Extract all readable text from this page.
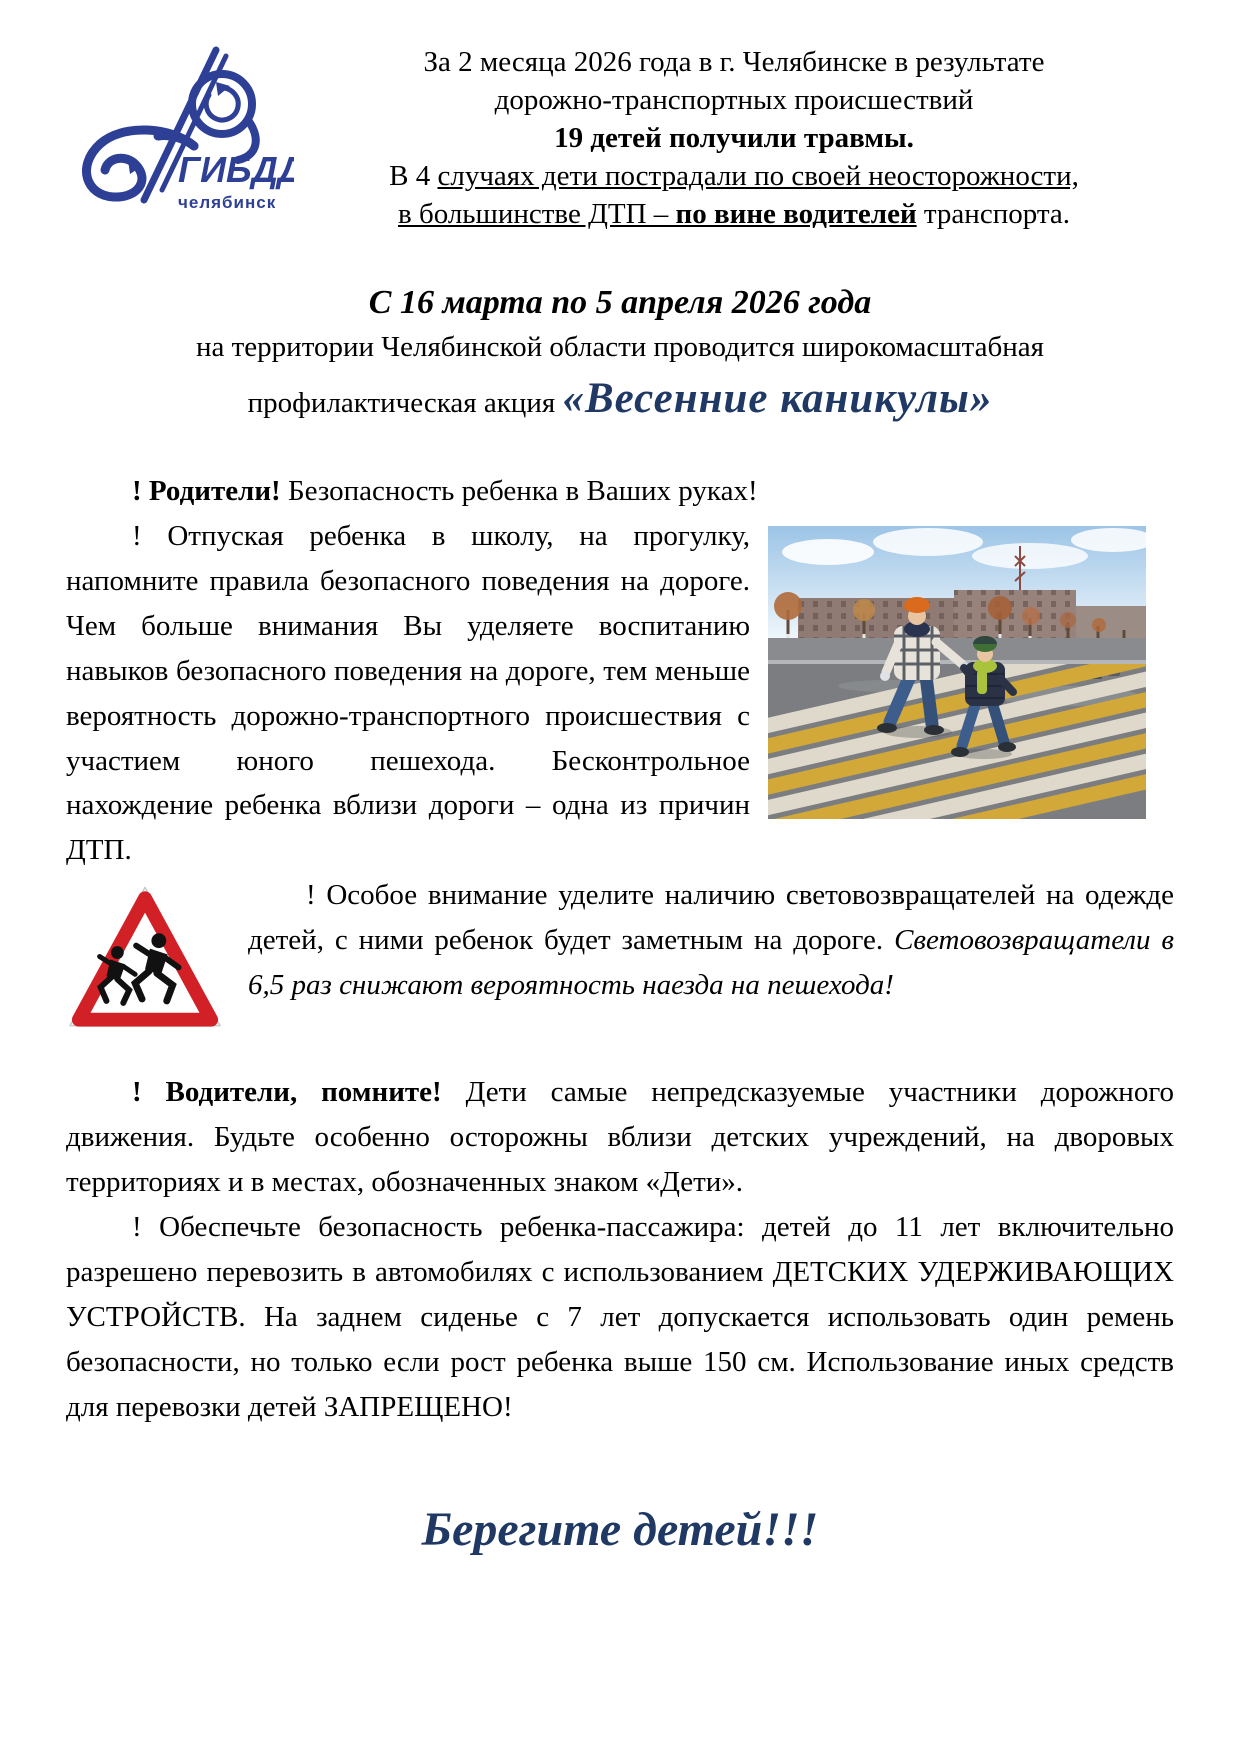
ГИБДД
челябинск
За 2 месяца 2026 года в г. Челябинске в результате
дорожно-транспортных происшествий
19 детей получили травмы.
В 4 случаях дети пострадали по своей неосторожности,
в большинстве ДТП – по вине водителей транспорта.
С 16 марта по 5 апреля 2026 года
на территории Челябинской области проводится широкомасштабная
профилактическая акция «Весенние каникулы»

! Родители! Безопасность ребенка в Ваших руках!

! Отпуская ребенка в школу, на прогулку, напомните правила безопасного поведения на дороге. Чем больше внимания Вы уделяете воспитанию навыков безопасного поведения на дороге, тем меньше вероятность дорожно-транспортного происшествия с участием юного пешехода. Бесконтрольное нахождение ребенка вблизи дороги – одна из причин ДТП.

! Особое внимание уделите наличию световозвращателей на одежде детей, с ними ребенок будет заметным на дороге. Световозвращатели в 6,5 раз снижают вероятность наезда на пешехода!

! Водители, помните! Дети самые непредсказуемые участники дорожного движения. Будьте особенно осторожны вблизи детских учреждений, на дворовых территориях и в местах, обозначенных знаком «Дети».

! Обеспечьте безопасность ребенка-пассажира: детей до 11 лет включительно разрешено перевозить в автомобилях с использованием ДЕТСКИХ УДЕРЖИВАЮЩИХ УСТРОЙСТВ. На заднем сиденье с 7 лет допускается использовать один ремень безопасности, но только если рост ребенка выше 150 см. Использование иных средств для перевозки детей ЗАПРЕЩЕНО!

Берегите детей!!!
